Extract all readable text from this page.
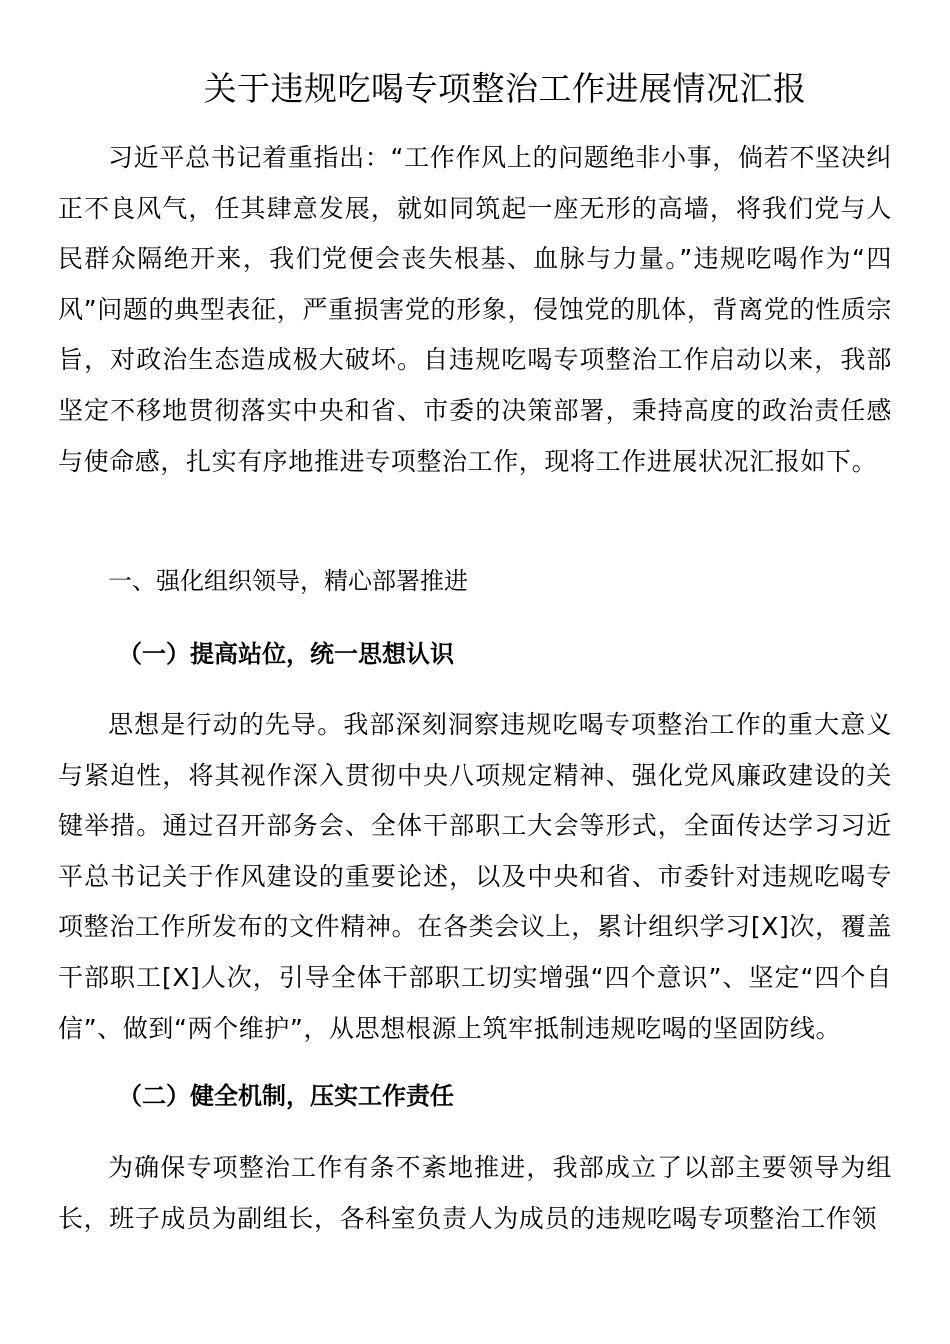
关于违规吃喝专项整治工作进展情况汇报

习近平总书记着重指出：“工作作风上的问题绝非小事，倘若不坚决纠正不良风气，任其肆意发展，就如同筑起一座无形的高墙，将我们党与人民群众隔绝开来，我们党便会丧失根基、血脉与力量。”违规吃喝作为“四风”问题的典型表征，严重损害党的形象，侵蚀党的肌体，背离党的性质宗旨，对政治生态造成极大破坏。自违规吃喝专项整治工作启动以来，我部坚定不移地贯彻落实中央和省、市委的决策部署，秉持高度的政治责任感与使命感，扎实有序地推进专项整治工作，现将工作进展状况汇报如下。

一、强化组织领导，精心部署推进
（一）提高站位，统一思想认识

思想是行动的先导。我部深刻洞察违规吃喝专项整治工作的重大意义与紧迫性，将其视作深入贯彻中央八项规定精神、强化党风廉政建设的关键举措。通过召开部务会、全体干部职工大会等形式，全面传达学习习近平总书记关于作风建设的重要论述，以及中央和省、市委针对违规吃喝专项整治工作所发布的文件精神。在各类会议上，累计组织学习[X]次，覆盖干部职工[X]人次，引导全体干部职工切实增强“四个意识”、坚定“四个自信”、做到“两个维护”，从思想根源上筑牢抵制违规吃喝的坚固防线。

（二）健全机制，压实工作责任

为确保专项整治工作有条不紊地推进，我部成立了以部主要领导为组长，班子成员为副组长，各科室负责人为成员的违规吃喝专项整治工作领
